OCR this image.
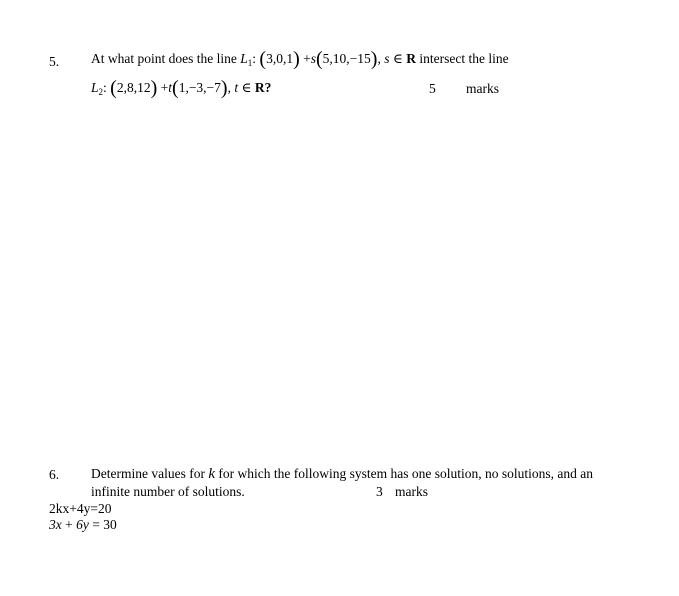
5. At what point does the line $L_1$: (3,0,1) +s(5,10,−15), s ∈ R intersect the line
$L_2$: (2,8,12) +t(1,−3,−7), t ∈ R?	5 marks
6. Determine values for k for which the following system has one solution, no solutions, and an
infinite number of solutions.	3 marks
2kx+4y=20
3x + 6y = 30
